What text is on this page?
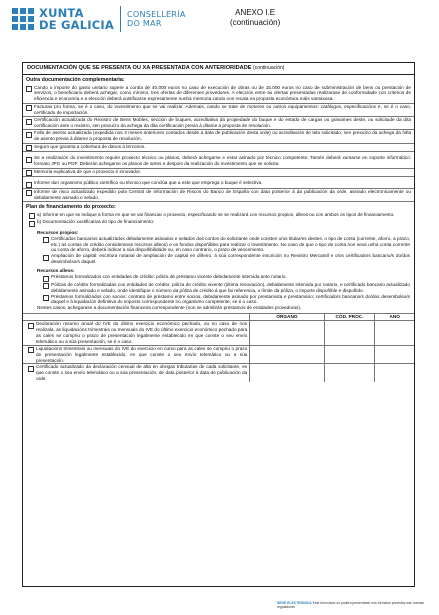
XUNTA
DE GALICIA
CONSELLERÍA
DO MAR
ANEXO I.E
(continuación)
DOCUMENTACIÓN QUE SE PRESENTA OU XA PRESENTADA CON ANTERIORIDADE (continuación)
Outra documentación complementaria:
Cando o importe do gasto unitario supere a contía de 40.000 euros no caso de execución de obras ou de 15.000 euros no caso de subministración de bens ou prestación de servizos, o beneficiario deberá achegar, como mínimo, tres ofertas de diferentes provedores. A elección entre as ofertas presentadas realizarase de conformidade con criterios de eficiencia e economía e a elección deberá xustificarse expresamente nunha memoria cando non recaia na proposta económica máis vantaxosa.
Facturas pro forma, se é o caso, do investimento que se vai realizar. Ademais, cando se trate de motores ou outros equipamentos: catálogos, especificacións e, se é o caso, certificado de importación.
Certificación actualizada do Rexistro de Bens Mobles, sección de buques, acreditativa da propiedade do buque e do estado de cargas ou gravames deste, ou solicitude da dita certificación ante o rexistro, sen prexuízo da achega da dita certificación previa á ditame a proposta de resolución.
Folla de asento actualizada (expedida nos 3 meses anteriores contados desde a data de publicación desta orde) ou acreditación de tela solicitado, sen prexuízo da achega da folla de asento previa á ditame a proposta de resolución.
Seguro que garanta a cobertura de danos a terceiros.
Se a realización do investimento require proxecto técnico ou planos, deberá achegarse e estar asinado por técnico competente. Tamén deberá xuntarse en soporte informático: formato JPG ou PDF. Deberán achegarse os planos de antes e despois da realización do investimento que se solicita.
Memoria explicativa de que o proxecto é innovador.
Informe dun organismo público científico ou técnico que conclúa que a este que emprega o buque é selectiva.
Informe de risco actualizado expedido pola Central de Información de Riscos do Banco de España con data posterior á da publicación da orde, asinado electronicamente ou debidamente asinado e selado.
Plan de financiamento do proxecto:
a) Informe en que se indique a forma en que se vai financiar o proxecto, especificando se se realizará con recursos propios, alleos ou con ambos os tipos de financiamento.
b) Documentación xustificativa do tipo de financiamento:
Recursos propios:
Certificados bancarios actualizados debidamente asinados e selados dos contos do solicitante onde consten o/os titular/es destes, o tipo de conta (corrente, aforro, a prazo, etc.) as contas de crédito consideranse recursos alleos) e os fondos dispoñibles para realizar o investimento. No caso de que o tipo de conta non sexa unha conta corrente ou conta de aforro, deberá indicar a súa dispoñibilidade ou, en caso contrario, o prazo de vencemento.
Ampliación de capital: escritura notarial de ampliación de capital en diñeiro, á súa correspondente inscrición no Rexistro Mercantil e o/os certificado/s bancario/s do/dos desembolso/s daquel.
Recursos alleos:
Préstamos formalizados con entidades de crédito: póliza de préstamo vixente debidamente intervida ante notario.
Pólizas de crédito formalizadas con entidades de crédito: póliza de crédito vixente (última renovación), debidamente intervida por notario, e certificado bancario actualizado debidamente asinado e selado, onde identifique o número da póliza de crédito á que fai referencia, o límite da póliza, o importe dispoñible e dispoñido.
Préstamos formalizados con socios: contrato de préstamo entre socios, debidamente asinado por prestamista e prestamario; certificado/s bancario/s do/dos desembolso/s daquel e á liquidación definitiva do imposto correspondente no organismo competente, se é o caso.
Nestes casos, achegarase a documentación financeira correspondente (non se admitirán préstamos de entidades provedoras).
	ÓRGANO	CÓD. PROC.	ANO

Declaración resumo anual do IVE do último exercicio económico pechado, ou no caso de non realizala, as liquidacións trimestrais ou mensuais do IVE do último exercicio económico pechado para as cales se cumpriu o prazo de presentación legalmente establecido en que conste o seu envío telemático ou a súa presentación, se é o caso.			

Liquidacións trimestrais ou mensuais do IVE do exercicio en curso para as cales se cumpriu o prazo de presentación legalmente establecido, en que conste o seu envío telemático ou a súa presentación.			

Certificado actualizado da declaración censual de alta en obrigas tributarias de cada solicitante, en que conste o seu envío telemático ou a súa presentación, de data posterior á data de publicación da orde.			

SEDE ELECTRÓNICA Este formulario só poderá presentarse nos formatos previstos nas normas reguladoras
